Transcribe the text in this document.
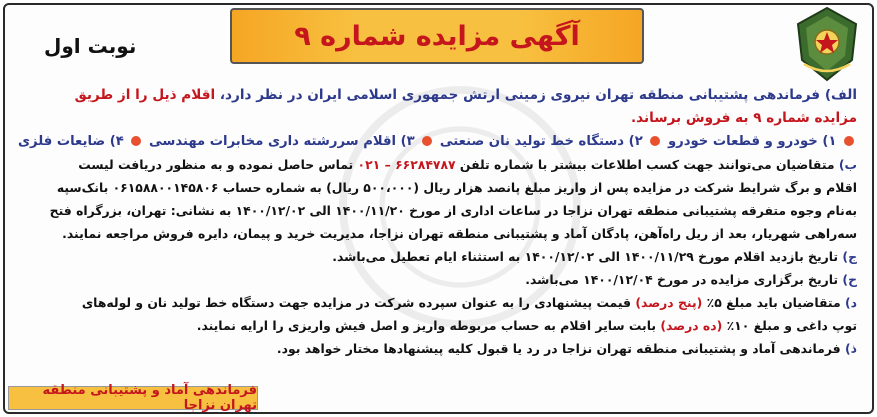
آگهی مزایده شماره ۹
نوبت اول
الف) فرماندهی پشتیبانی منطقه تهران نیروی زمینی ارتش جمهوری اسلامی ایران در نظر دارد، اقلام ذیل را از طریق
مزایده شماره ۹ به فروش برساند.
۱) خودرو و قطعات خودرو  ۲) دستگاه خط تولید نان صنعتی  ۳) اقلام سررشته داری مخابرات مهندسی  ۴) ضایعات فلزی
ب) متقاضیان می‌توانند جهت کسب اطلاعات بیشتر با شماره تلفن ۶۶۲۸۴۷۸۷ – ۰۲۱ تماس حاصل نموده و به منظور دریافت لیست
اقلام و برگ شرایط شرکت در مزایده پس از واریز مبلغ پانصد هزار ریال (۵۰۰،۰۰۰ ریال) به شماره حساب ۰۶۱۵۸۸۰۰۱۴۵۸۰۶ بانک‌سپه
به‌نام وجوه متفرقه پشتیبانی منطقه تهران نزاجا در ساعات اداری از مورخ ۱۴۰۰/۱۱/۲۰ الی ۱۴۰۰/۱۲/۰۲ به نشانی: تهران، بزرگراه فتح
سه‌راهی شهریار، بعد از ریل راه‌آهن، پادگان آماد و پشتیبانی منطقه تهران نزاجا، مدیریت خرید و پیمان، دایره فروش مراجعه نمایند.
ج) تاریخ بازدید اقلام مورخ ۱۴۰۰/۱۱/۲۹ الی ۱۴۰۰/۱۲/۰۲ به استثناء ایام تعطیل می‌باشد.
ح) تاریخ برگزاری مزایده در مورخ ۱۴۰۰/۱۲/۰۴ می‌باشد.
د) متقاضیان باید مبلغ ۵٪ (پنج درصد) قیمت پیشنهادی را به عنوان سپرده شرکت در مزایده جهت دستگاه خط تولید نان و لوله‌های
توپ داغی و مبلغ ۱۰٪ (ده درصد) بابت سایر اقلام به حساب مربوطه واریز و اصل فیش واریزی را ارایه نمایند.
ذ) فرماندهی آماد و پشتیبانی منطقه تهران نزاجا در رد یا قبول کلیه پیشنهادها مختار خواهد بود.
فرماندهی آماد و پشتیبانی منطقه تهران نزاجا
